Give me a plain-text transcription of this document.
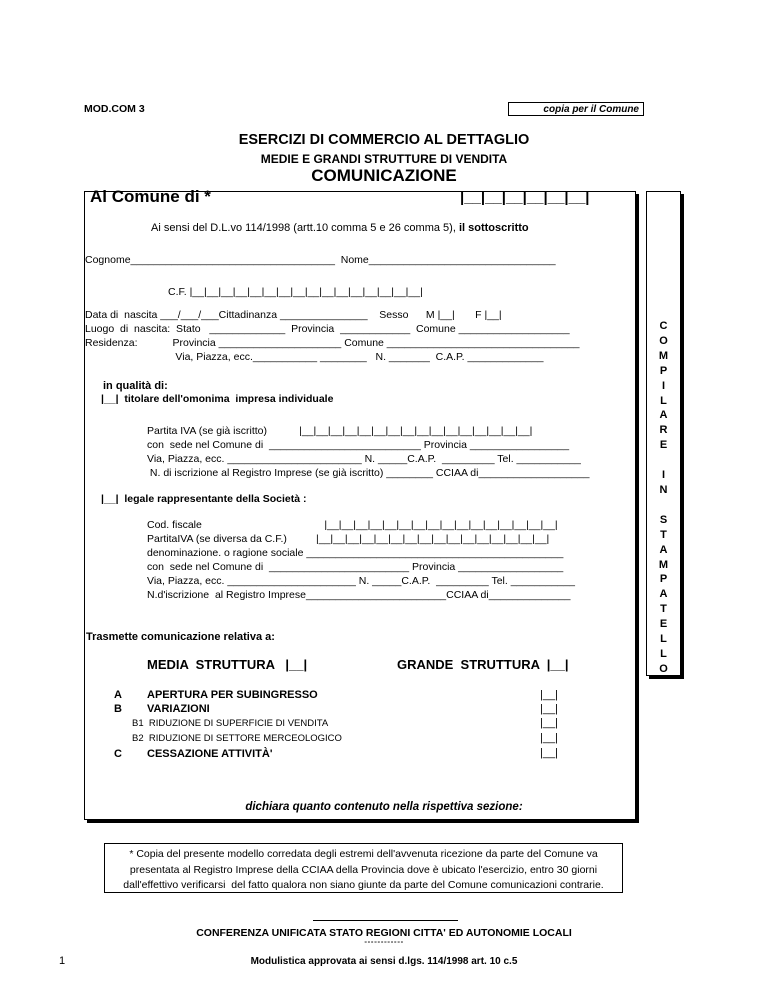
MOD.COM 3	copia per il Comune
ESERCIZI DI COMMERCIO AL DETTAGLIO
MEDIE E GRANDI STRUTTURE DI VENDITA
COMUNICAZIONE
Al Comune di *	|__|__|__|__|__|__|
Ai sensi del D.L.vo 114/1998 (artt.10 comma 5 e 26 comma 5), il sottoscritto
Cognome___________________________________  Nome________________________________
C.F. |__|__|__|__|__|__|__|__|__|__|__|__|__|__|__|__|
Data di  nascita ___/___/___Cittadinanza _______________    Sesso      M |__|       F |__|
Luogo  di  nascita:  Stato   _____________  Provincia  ____________  Comune ___________________
Residenza:            Provincia _____________________ Comune _________________________________
Via, Piazza, ecc.___________ ________   N. _______  C.A.P. _____________
in qualità di:
|__|  titolare dell'omonima  impresa individuale
Partita IVA (se già iscritto)           |__|__|__|__|__|__|__|__|__|__|__|__|__|__|__|__|
con  sede nel Comune di  __________________________ Provincia _________________
Via, Piazza, ecc. _______________________ N. _____C.A.P.  _________ Tel. ___________
N. di iscrizione al Registro Imprese (se già iscritto) ________ CCIAA di___________________
|__|  legale rappresentante della Società :
Cod. fiscale                                          |__|__|__|__|__|__|__|__|__|__|__|__|__|__|__|__|
PartitaIVA (se diversa da C.F.)          |__|__|__|__|__|__|__|__|__|__|__|__|__|__|__|__|
denominazione. o ragione sociale ____________________________________________
con  sede nel Comune di  ________________________ Provincia __________________
Via, Piazza, ecc. ______________________ N. _____C.A.P.  _________ Tel. ___________
N.d'iscrizione  al Registro Imprese________________________CCIAA di______________
Trasmette comunicazione relativa a:
MEDIA  STRUTTURA   |__|	GRANDE  STRUTTURA  |__|
A APERTURA PER SUBINGRESSO	|__|
B VARIAZIONI	|__|
B1  RIDUZIONE DI SUPERFICIE DI VENDITA	|__|
B2  RIDUZIONE DI SETTORE MERCEOLOGICO	|__|
C CESSAZIONE ATTIVITÀ'	|__|

C
O
M
P
I
L
A
R
E

I
N

S
T
A
M
P
A
T
E
L
L
O

dichiara quanto contenuto nella rispettiva sezione:
* Copia del presente modello corredata degli estremi dell'avvenuta ricezione da parte del Comune va
presentata al Registro Imprese della CCIAA della Provincia dove è ubicato l'esercizio, entro 30 giorni
dall'effettivo verificarsi  del fatto qualora non siano giunte da parte del Comune comunicazioni contrarie.
CONFERENZA UNIFICATA STATO REGIONI CITTA' ED AUTONOMIE LOCALI
°°°°°°°°°°°°
1	Modulistica approvata ai sensi d.lgs. 114/1998 art. 10 c.5
